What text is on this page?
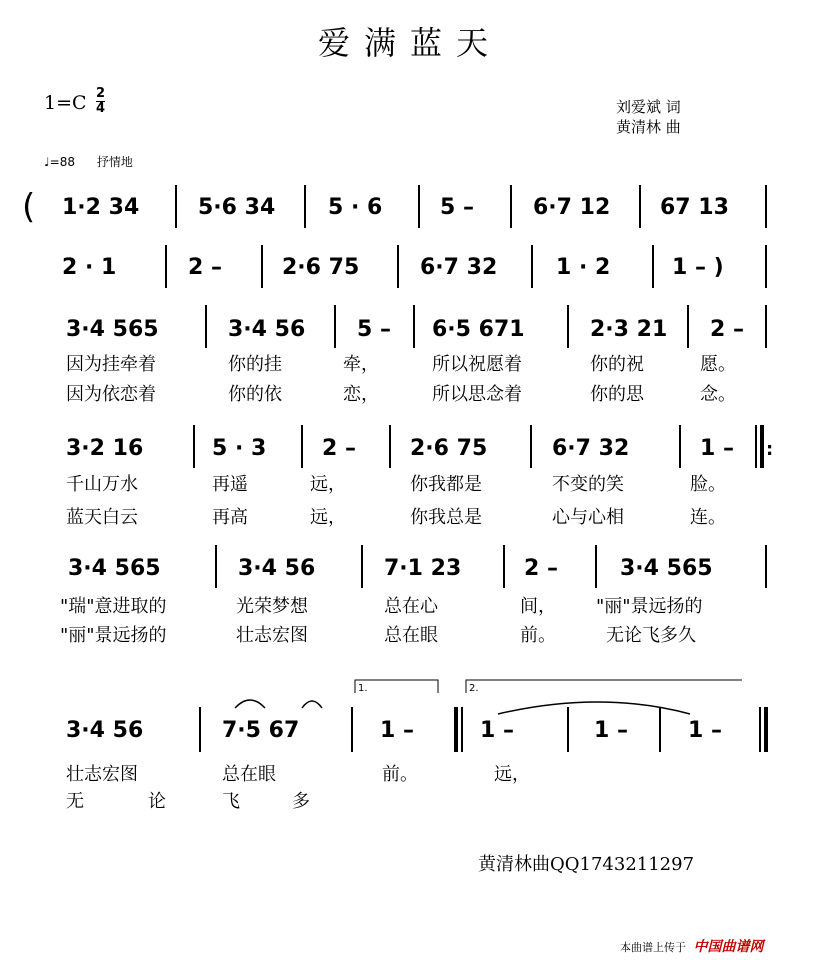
爱满蓝天
1=C 2
4	刘爱斌 词
黄清林 曲
♩=88 抒情地
( 1·2 34	5·6 34 5 · 6	5 –	6·7 12 67 13
2 · 1	2 –	2·6 75	6·7 32	1 · 2	1 – )
3·4 565	3·4 56 5 – 6·5 671	2·3 21 2 –
因为挂牵着	你的挂	牵，	所以祝愿着	你的祝	愿。
因为依恋着	你的依	恋，	所以思念着	你的思	念。
3·2 16	5 · 3	2 – 2·6 75	6·7 32	1 – :
千山万水	再遥	远，	你我都是	不变的笑	脸。
蓝天白云	再高	远，	你我总是	心与心相	连。
3·4 565	3·4 56	7·1 23	2 –	3·4 565
"瑞"意进取的	光荣梦想	总在心	间， "丽"景远扬的
"丽"景远扬的	壮志宏图	总在眼	前。	无论飞多久
1.	2.
3·4 56	7·5 67	1 –	1 –	1 –	1 –
壮志宏图	总在眼	前。	远，
无	论	飞	多
黄清林曲QQ1743211297
本曲谱上传于 中国曲谱网
